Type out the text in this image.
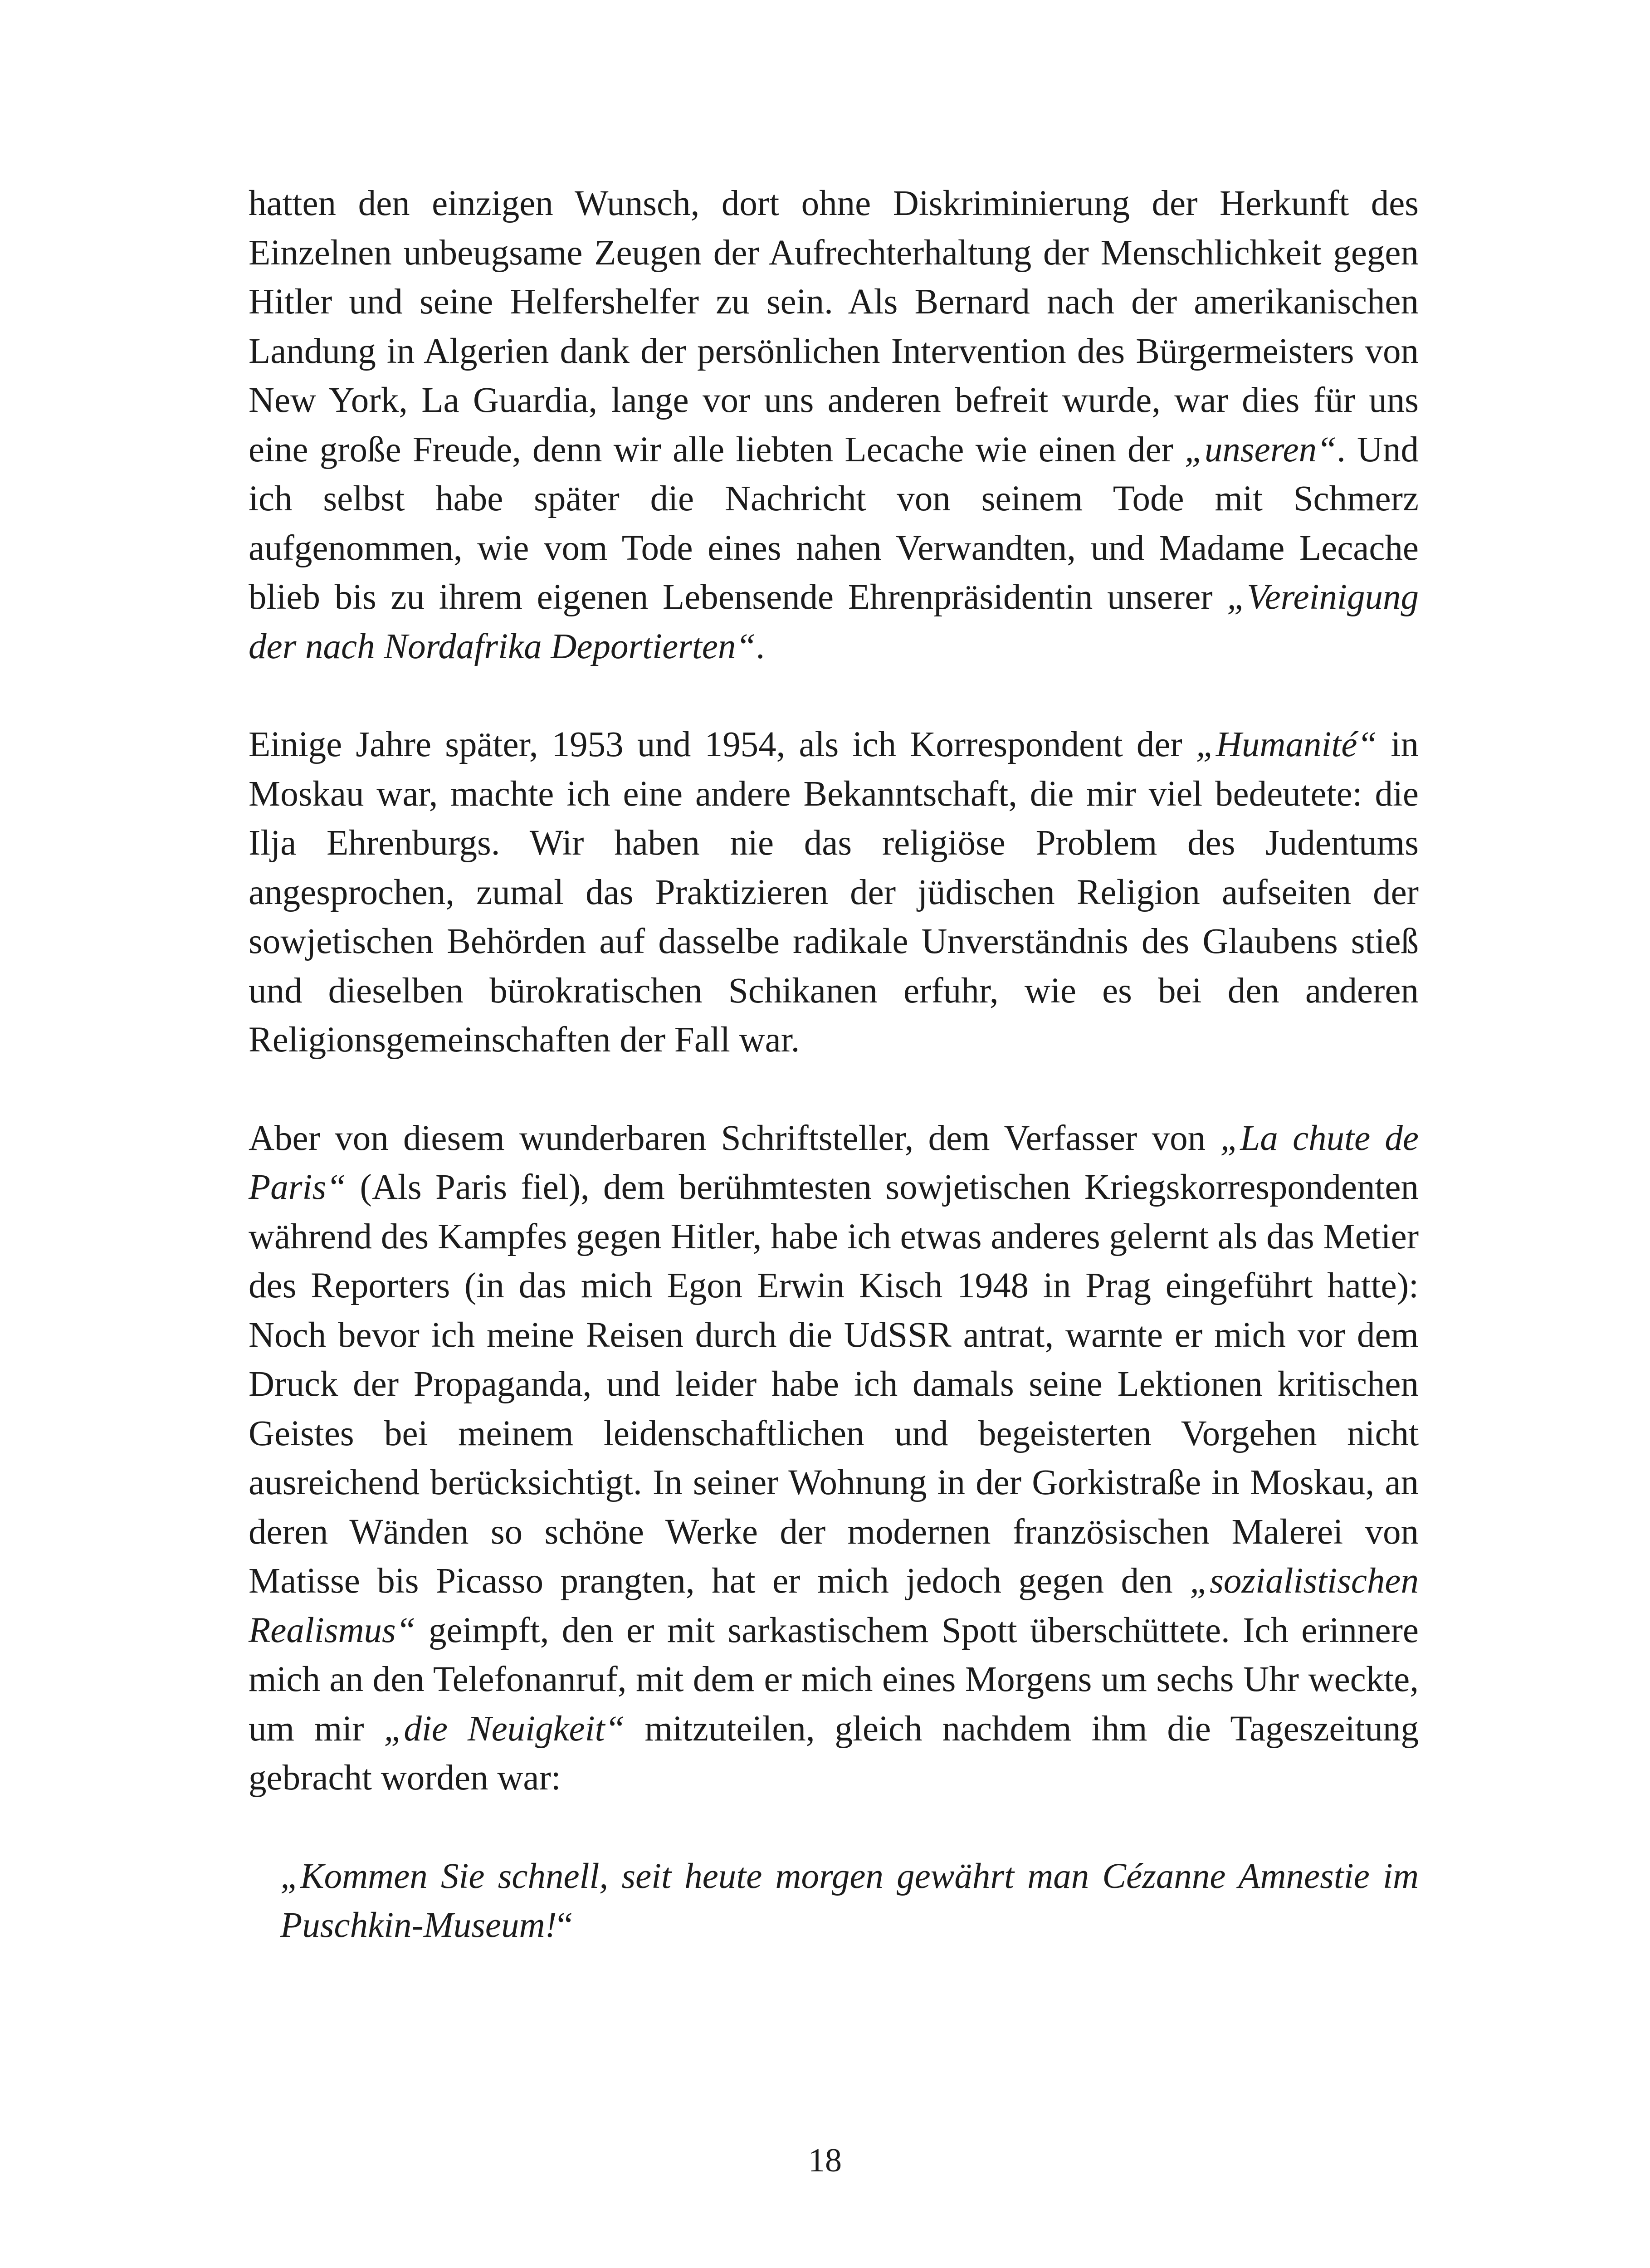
hatten den einzigen Wunsch, dort ohne Diskriminierung der Herkunft des Einzelnen unbeugsame Zeugen der Aufrechterhaltung der Menschlichkeit gegen Hitler und seine Helfershelfer zu sein. Als Bernard nach der amerikanischen Landung in Algerien dank der persönlichen Intervention des Bürgermeisters von New York, La Guardia, lange vor uns anderen befreit wurde, war dies für uns eine große Freude, denn wir alle liebten Lecache wie einen der „unseren“. Und ich selbst habe später die Nachricht von seinem Tode mit Schmerz aufgenommen, wie vom Tode eines nahen Verwandten, und Madame Lecache blieb bis zu ihrem eigenen Lebensende Ehrenpräsidentin unserer „Vereinigung der nach Nordafrika Deportierten“.

Einige Jahre später, 1953 und 1954, als ich Korrespondent der „Humanité“ in Moskau war, machte ich eine andere Bekanntschaft, die mir viel bedeutete: die Ilja Ehrenburgs. Wir haben nie das religiöse Problem des Judentums angesprochen, zumal das Praktizieren der jüdischen Religion aufseiten der sowjetischen Behörden auf dasselbe radikale Unverständnis des Glaubens stieß und dieselben bürokratischen Schikanen erfuhr, wie es bei den anderen Religionsgemeinschaften der Fall war.

Aber von diesem wunderbaren Schriftsteller, dem Verfasser von „La chute de Paris“ (Als Paris fiel), dem berühmtesten sowjetischen Kriegskorrespondenten während des Kampfes gegen Hitler, habe ich etwas anderes gelernt als das Metier des Reporters (in das mich Egon Erwin Kisch 1948 in Prag eingeführt hatte): Noch bevor ich meine Reisen durch die UdSSR antrat, warnte er mich vor dem Druck der Propaganda, und leider habe ich damals seine Lektionen kritischen Geistes bei meinem leidenschaftlichen und begeisterten Vorgehen nicht ausreichend berücksichtigt. In seiner Wohnung in der Gorkistraße in Moskau, an deren Wänden so schöne Werke der modernen französischen Malerei von Matisse bis Picasso prangten, hat er mich jedoch gegen den „sozialistischen Realismus“ geimpft, den er mit sarkastischem Spott überschüttete. Ich erinnere mich an den Telefonanruf, mit dem er mich eines Morgens um sechs Uhr weckte, um mir „die Neuigkeit“ mitzuteilen, gleich nachdem ihm die Tageszeitung gebracht worden war:

„Kommen Sie schnell, seit heute morgen gewährt man Cézanne Amnestie im Puschkin-Museum!“

18
